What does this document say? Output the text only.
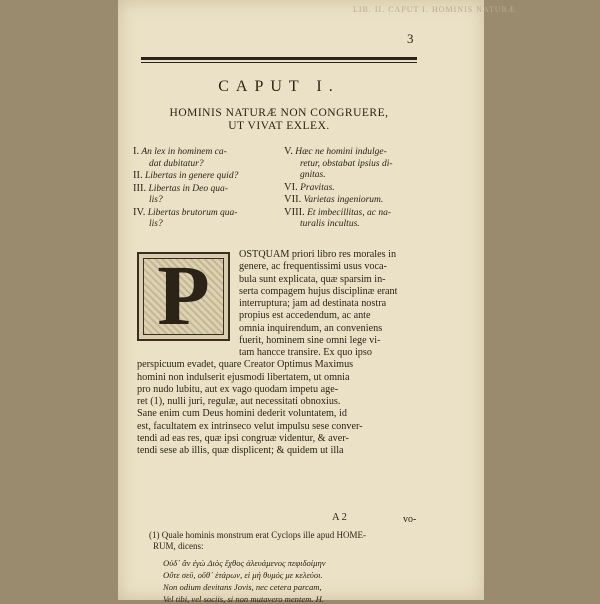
LIB. II. CAPUT I. HOMINIS NATURÆ
3
CAPUT I.
HOMINIS NATURÆ NON CONGRUERE,
UT VIVAT EXLEX.
I. An lex in hominem ca-
dat dubitatur?
II. Libertas in genere quid?
III. Libertas in Deo qua-
lis?
IV. Libertas brutorum qua-
lis?
V. Hæc ne homini indulge-
retur, obstabat ipsius di-
gnitas.
VI. Pravitas.
VII. Varietas ingeniorum.
VIII. Et imbecillitas, ac na-
turalis incultus.
P	OSTQUAM priori libro res morales in
genere, ac frequentissimi usus voca-
bula sunt explicata, quæ sparsim in-
serta compagem hujus disciplinæ erant
interruptura; jam ad destinata nostra
propius est accedendum, ac ante
omnia inquirendum, an conveniens
fuerit, hominem sine omni lege vi-
tam hancce transire. Ex quo ipso
perspicuum evadet, quare Creator Optimus Maximus
homini non indulserit ejusmodi libertatem, ut omnia
pro nudo lubitu, aut ex vago quodam impetu age-
ret (1), nulli juri, regulæ, aut necessitati obnoxius.
Sane enim cum Deus homini dederit voluntatem, id
est, facultatem ex intrinseco velut impulsu sese conver-
tendi ad eas res, quæ ipsi congruæ videntur, & aver-
tendi sese ab illis, quæ displicent; & quidem ut illa
A 2	vo-
(1) Quale hominis monstrum erat Cyclops ille apud HOME-
RUM, dicens:
Οὐδ᾽ ἂν ἐγὼ Διὸς ἔχθος ἀλευάμενος πεφιδοίμην
Οὔτε σεῦ, οὔθ᾽ ἑτάρων, εἰ μή θυμός με κελεύοι.
Non odium devitans Jovis, nec cetera parcam,
Vel tibi, vel sociis, si non mutavero mentem. H.
